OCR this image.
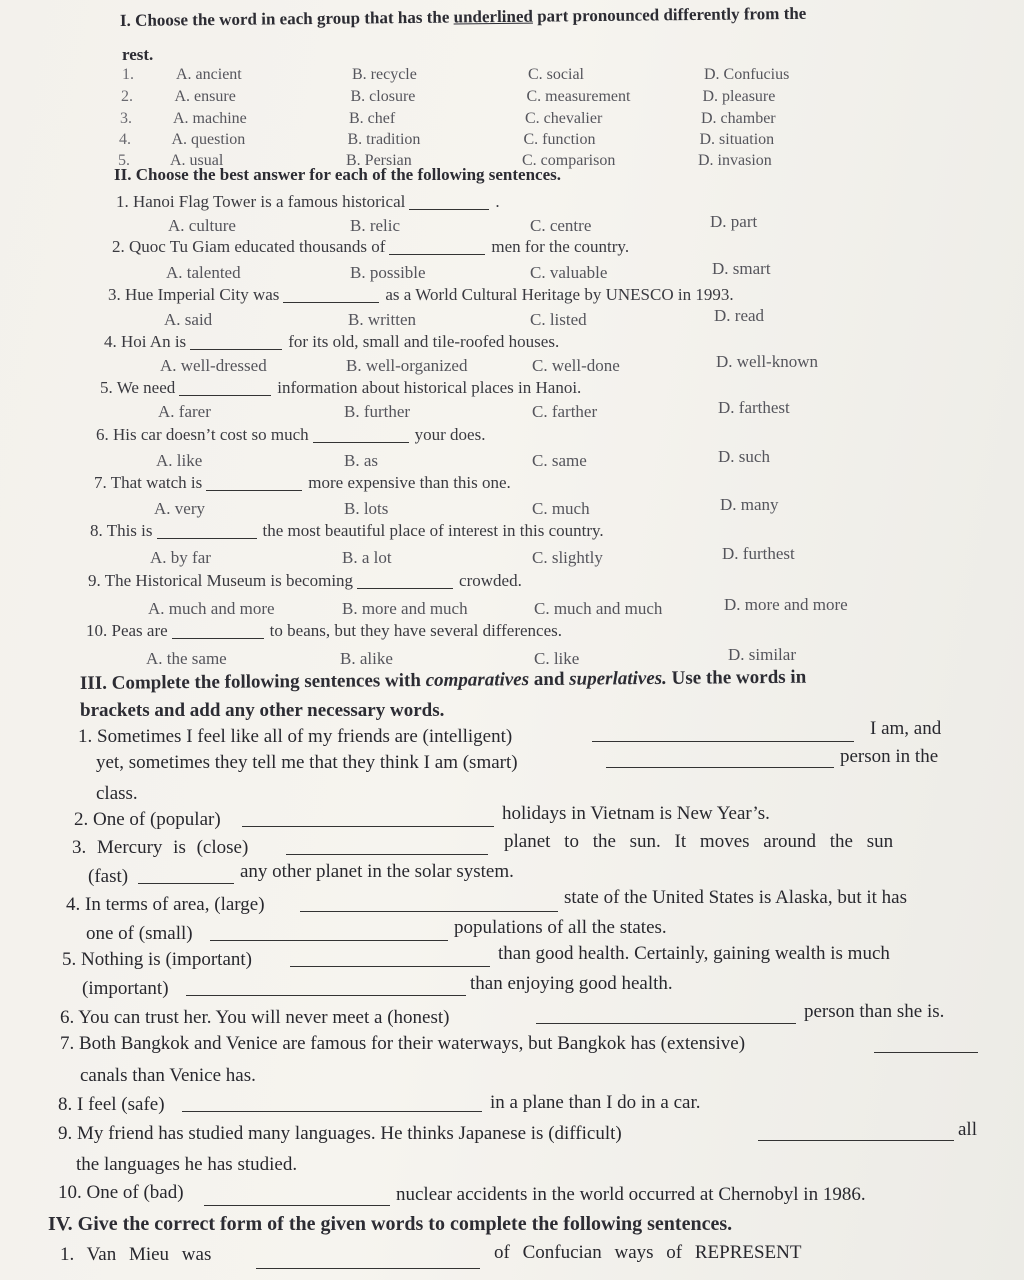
I. Choose the word in each group that has the underlined part pronounced differently from the
rest.
1.	A. ancient	B. recycle	C. social	D. Confucius
2.	A. ensure	B. closure	C. measurement	D. pleasure
3.	A. machine	B. chef	C. chevalier	D. chamber
4.	A. question	B. tradition	C. function	D. situation
5.	A. usual	B. Persian	C. comparison	D. invasion
II. Choose the best answer for each of the following sentences.
1. Hanoi Flag Tower is a famous historical	.
A. culture	B. relic	C. centre	D. part
2. Quoc Tu Giam educated thousands of	men for the country.
A. talented	B. possible	C. valuable	D. smart
3. Hue Imperial City was	as a World Cultural Heritage by UNESCO in 1993.
A. said	B. written	C. listed	D. read
4. Hoi An is	for its old, small and tile-roofed houses.
A. well-dressed	B. well-organized	C. well-done	D. well-known
5. We need	information about historical places in Hanoi.
A. farer	B. further	C. farther	D. farthest
6. His car doesn’t cost so much	your does.
A. like	B. as	C. same	D. such
7. That watch is	more expensive than this one.
A. very	B. lots	C. much	D. many
8. This is	the most beautiful place of interest in this country.
A. by far	B. a lot	C. slightly	D. furthest
9. The Historical Museum is becoming	crowded.
A. much and more	B. more and much	C. much and much	D. more and more
10. Peas are	to beans, but they have several differences.
A. the same	B. alike	C. like	D. similar
III. Complete the following sentences with comparatives and superlatives. Use the words in
brackets and add any other necessary words.
1. Sometimes I feel like all of my friends are (intelligent)	I am, and
yet, sometimes they tell me that they think I am (smart)	person in the
class.
2. One of (popular)	holidays in Vietnam is New Year’s.
3. Mercury is (close)	planet to the sun. It moves around the sun
(fast)	any other planet in the solar system.
4. In terms of area, (large)	state of the United States is Alaska, but it has
one of (small)	populations of all the states.
5. Nothing is (important)	than good health. Certainly, gaining wealth is much
(important)	than enjoying good health.
6. You can trust her. You will never meet a (honest)	person than she is.
7. Both Bangkok and Venice are famous for their waterways, but Bangkok has (extensive)
canals than Venice has.
8. I feel (safe)	in a plane than I do in a car.
9. My friend has studied many languages. He thinks Japanese is (difficult)	all
the languages he has studied.
10. One of (bad)	nuclear accidents in the world occurred at Chernobyl in 1986.
IV. Give the correct form of the given words to complete the following sentences.
1. Van Mieu was	of Confucian ways of REPRESENT
